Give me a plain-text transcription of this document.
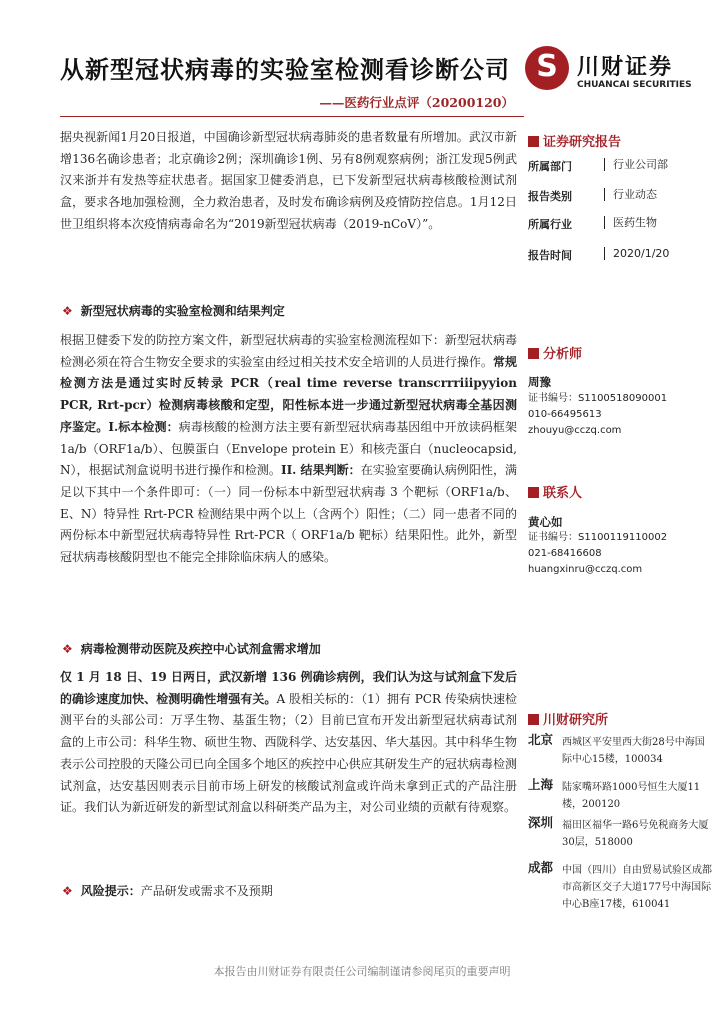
从新型冠状病毒的实验室检测看诊断公司
——医药行业点评（20200120）
S 川财证券
CHUANCAI SECURITIES
据央视新闻1月20日报道，中国确诊新型冠状病毒肺炎的患者数量有所增加。武汉市新增136名确诊患者；北京确诊2例；深圳确诊1例、另有8例观察病例；浙江发现5例武汉来浙并有发热等症状患者。据国家卫健委消息，已下发新型冠状病毒核酸检测试剂盒，要求各地加强检测，全力救治患者，及时发布确诊病例及疫情防控信息。1月12日世卫组织将本次疫情病毒命名为“2019新型冠状病毒（2019-nCoV）”。
❖ 新型冠状病毒的实验室检测和结果判定
根据卫健委下发的防控方案文件，新型冠状病毒的实验室检测流程如下：新型冠状病毒检测必须在符合生物安全要求的实验室由经过相关技术安全培训的人员进行操作。常规检测方法是通过实时反转录 PCR（real time reverse transcrrriiipyyion PCR, Rrt-pcr）检测病毒核酸和定型，阳性标本进一步通过新型冠状病毒全基因测序鉴定。I.标本检测：病毒核酸的检测方法主要有新型冠状病毒基因组中开放读码框架 1a/b（ORF1a/b）、包膜蛋白（Envelope protein E）和核壳蛋白（nucleocapsid, N），根据试剂盒说明书进行操作和检测。II. 结果判断：在实验室要确认病例阳性，满足以下其中一个条件即可：（一）同一份标本中新型冠状病毒 3 个靶标（ORF1a/b、E、N）特异性 Rrt-PCR 检测结果中两个以上（含两个）阳性；（二）同一患者不同的两份标本中新型冠状病毒特异性 Rrt-PCR（ ORF1a/b 靶标）结果阳性。此外，新型冠状病毒核酸阴型也不能完全排除临床病人的感染。
❖ 病毒检测带动医院及疾控中心试剂盒需求增加
仅 1 月 18 日、19 日两日，武汉新增 136 例确诊病例，我们认为这与试剂盒下发后的确诊速度加快、检测明确性增强有关。A 股相关标的：（1）拥有 PCR 传染病快速检测平台的头部公司：万孚生物、基蛋生物；（2）目前已宣布开发出新型冠状病毒试剂盒的上市公司：科华生物、硕世生物、西陇科学、达安基因、华大基因。其中科华生物表示公司控股的天隆公司已向全国多个地区的疾控中心供应其研发生产的冠状病毒检测试剂盒，达安基因则表示目前市场上研发的核酸试剂盒或许尚未拿到正式的产品注册证。我们认为新近研发的新型试剂盒以科研类产品为主，对公司业绩的贡献有待观察。
❖ 风险提示：产品研发或需求不及预期
证券研究报告
所属部门	行业公司部
报告类别	行业动态
所属行业	医药生物
报告时间	2020/1/20
分析师
周豫
证书编号：S1100518090001
010-66495613
zhouyu@cczq.com
联系人
黄心如
证书编号：S1100119110002
021-68416608
huangxinru@cczq.com
川财研究所
北京 西城区平安里西大街28号中海国际中心15楼，100034
上海 陆家嘴环路1000号恒生大厦11楼，200120
深圳 福田区福华一路6号免税商务大厦30层，518000
成都 中国（四川）自由贸易试验区成都市高新区交子大道177号中海国际中心B座17楼，610041
本报告由川财证券有限责任公司编制谨请参阅尾页的重要声明
